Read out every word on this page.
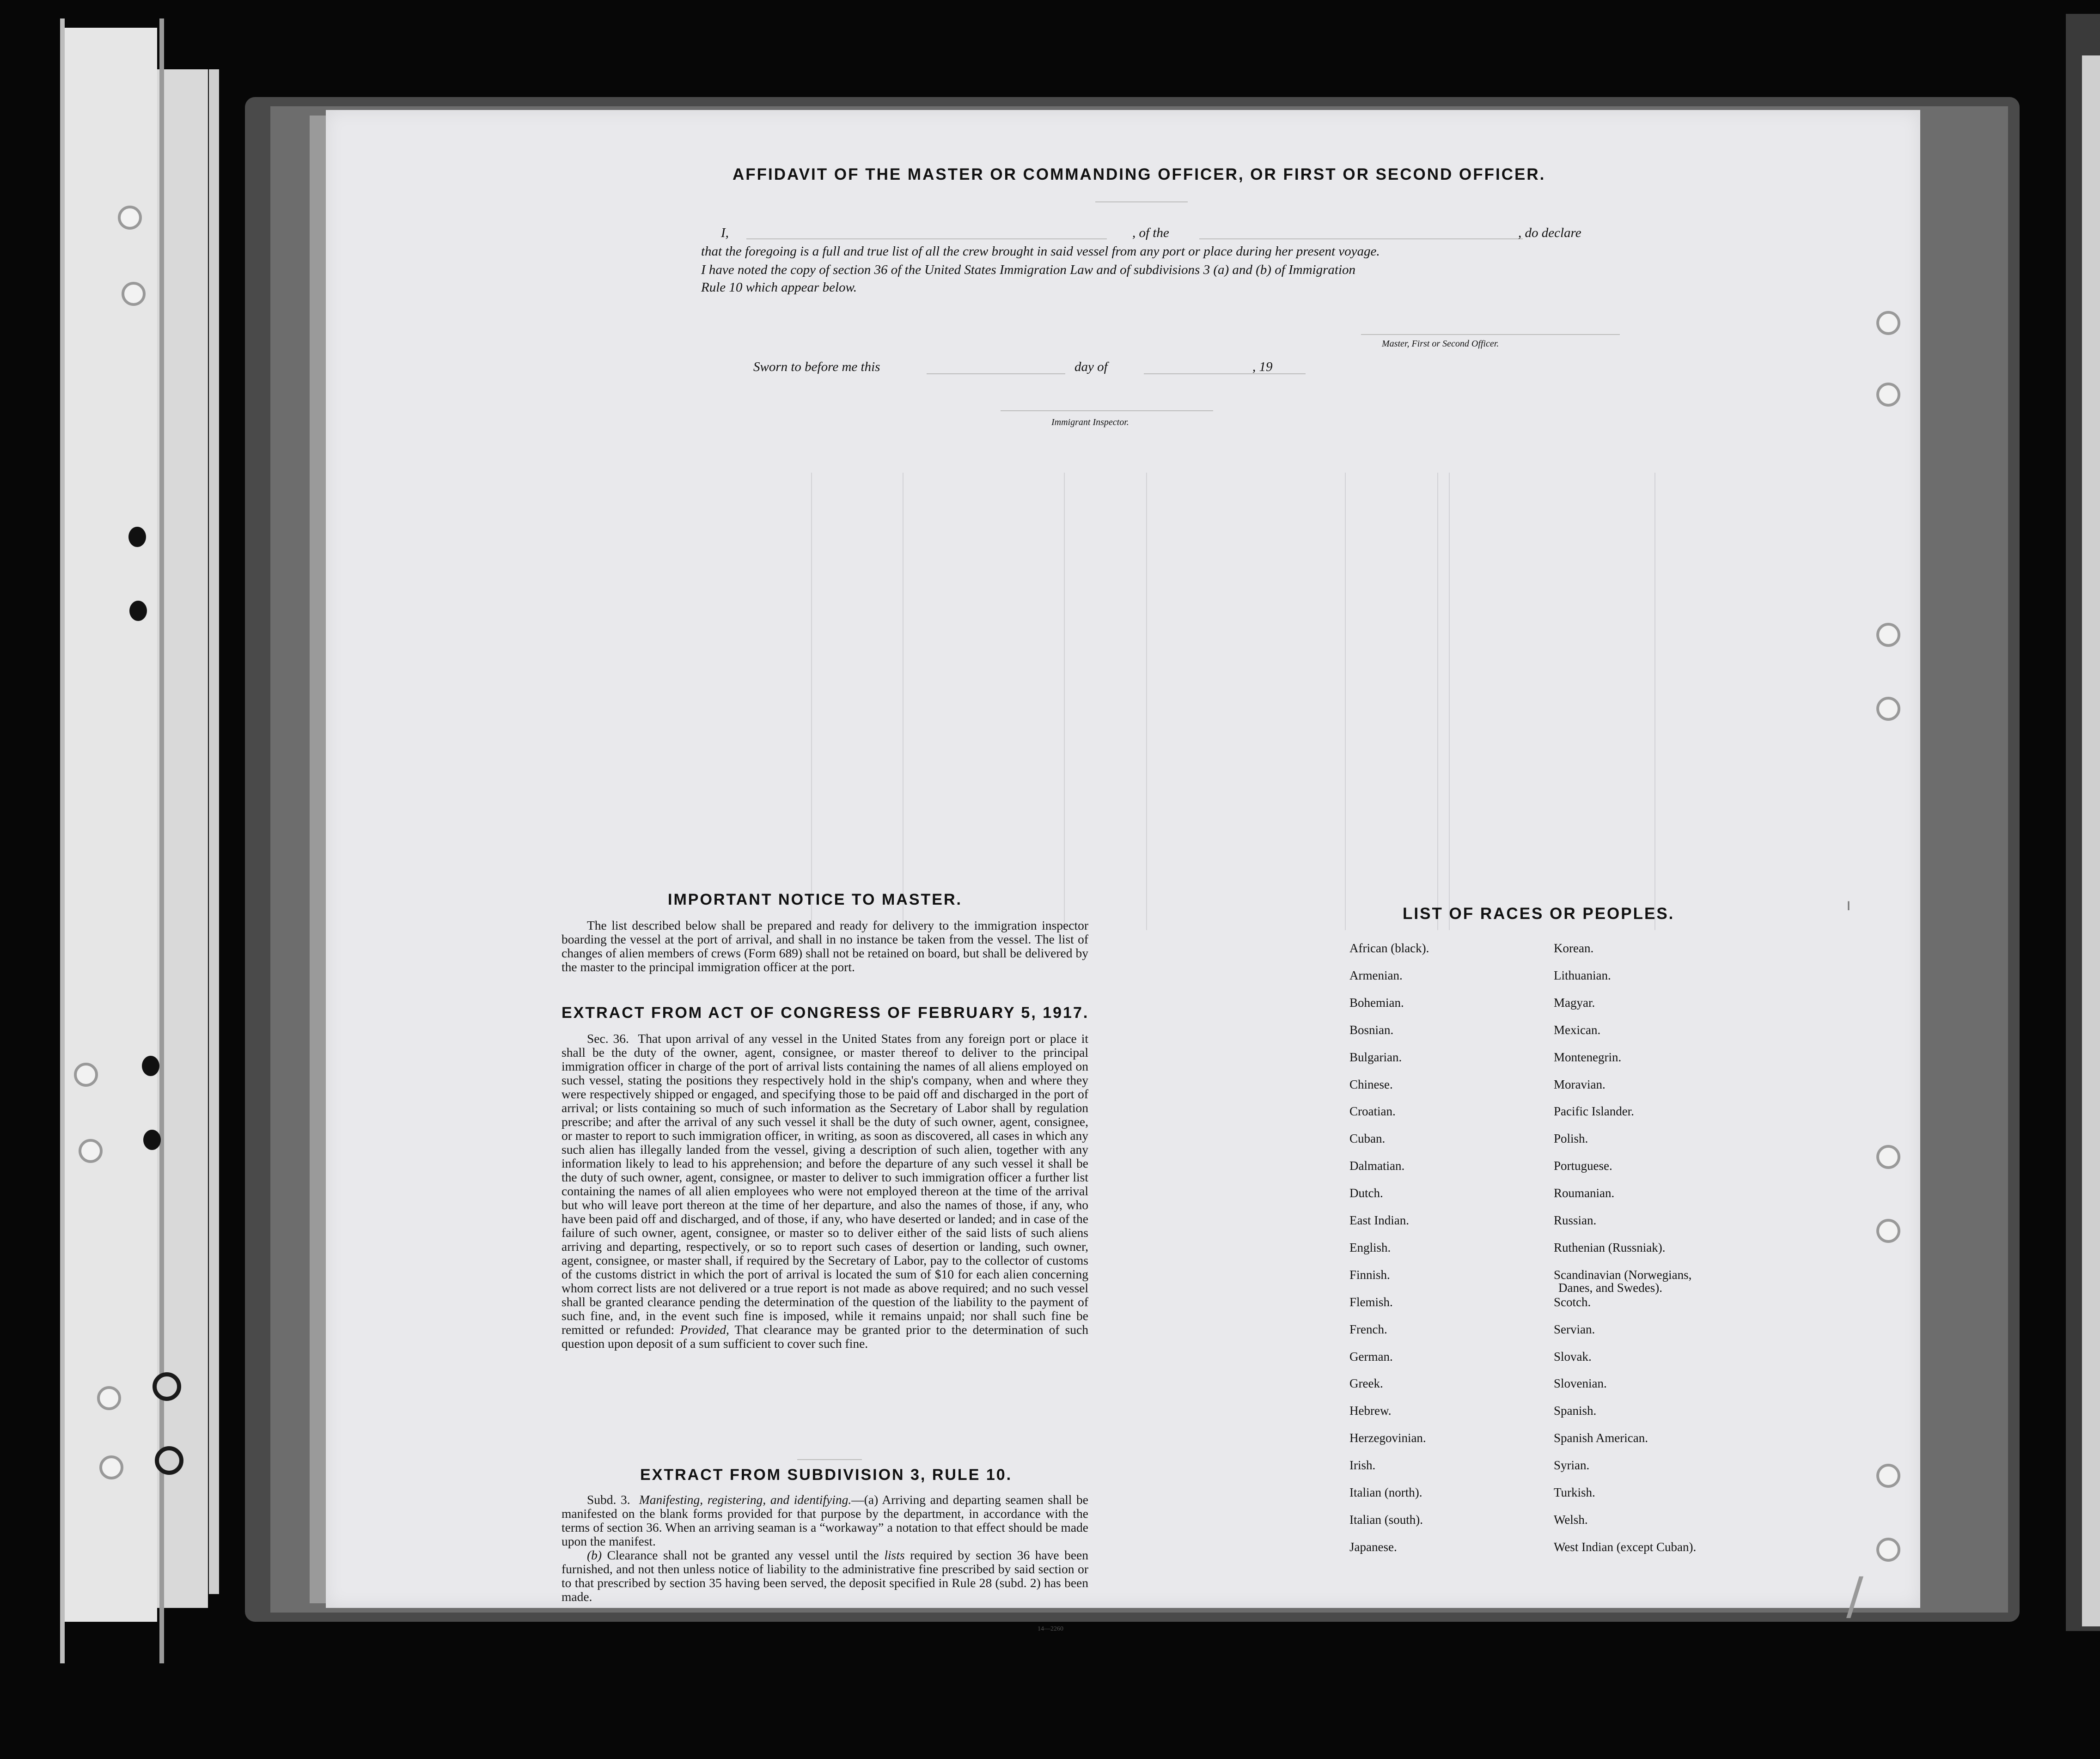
AFFIDAVIT OF THE MASTER OR COMMANDING OFFICER, OR FIRST OR SECOND OFFICER.
I,	, of the	, do declare
that the foregoing is a full and true list of all the crew brought in said vessel from any port or place during her present voyage.
I have noted the copy of section 36 of the United States Immigration Law and of subdivisions 3 (a) and (b) of Immigration
Rule 10 which appear below.
Master, First or Second Officer.
Sworn to before me this	day of	, 19
Immigrant Inspector.
IMPORTANT NOTICE TO MASTER.

The list described below shall be prepared and ready for delivery to the immigration inspector boarding the vessel at the port of arrival, and shall in no instance be taken from the vessel. The list of changes of alien members of crews (Form 689) shall not be retained on board, but shall be delivered by the master to the principal immigration officer at the port.

EXTRACT FROM ACT OF CONGRESS OF FEBRUARY 5, 1917.

Sec. 36. That upon arrival of any vessel in the United States from any foreign port or place it shall be the duty of the owner, agent, consignee, or master thereof to deliver to the principal immigration officer in charge of the port of arrival lists containing the names of all aliens employed on such vessel, stating the positions they respectively hold in the ship's company, when and where they were respectively shipped or engaged, and specifying those to be paid off and discharged in the port of arrival; or lists containing so much of such information as the Secretary of Labor shall by regulation prescribe; and after the arrival of any such vessel it shall be the duty of such owner, agent, consignee, or master to report to such immigration officer, in writing, as soon as discovered, all cases in which any such alien has illegally landed from the vessel, giving a description of such alien, together with any information likely to lead to his apprehension; and before the departure of any such vessel it shall be the duty of such owner, agent, consignee, or master to deliver to such immigration officer a further list containing the names of all alien employees who were not employed thereon at the time of the arrival but who will leave port thereon at the time of her departure, and also the names of those, if any, who have been paid off and discharged, and of those, if any, who have deserted or landed; and in case of the failure of such owner, agent, consignee, or master so to deliver either of the said lists of such aliens arriving and departing, respectively, or so to report such cases of desertion or landing, such owner, agent, consignee, or master shall, if required by the Secretary of Labor, pay to the collector of customs of the customs district in which the port of arrival is located the sum of $10 for each alien concerning whom correct lists are not delivered or a true report is not made as above required; and no such vessel shall be granted clearance pending the determination of the question of the liability to the payment of such fine, and, in the event such fine is imposed, while it remains unpaid; nor shall such fine be remitted or refunded: Provided, That clearance may be granted prior to the determination of such question upon deposit of a sum sufficient to cover such fine.

EXTRACT FROM SUBDIVISION 3, RULE 10.

Subd. 3. Manifesting, registering, and identifying.—(a) Arriving and departing seamen shall be manifested on the blank forms provided for that purpose by the department, in accordance with the terms of section 36. When an arriving seaman is a “workaway” a notation to that effect should be made upon the manifest.

(b) Clearance shall not be granted any vessel until the lists required by section 36 have been furnished, and not then unless notice of liability to the administrative fine prescribed by said section or to that prescribed by section 35 having been served, the deposit specified in Rule 28 (subd. 2) has been made.

14—2260
LIST OF RACES OR PEOPLES.
African (black).
Armenian.
Bohemian.
Bosnian.
Bulgarian.
Chinese.
Croatian.
Cuban.
Dalmatian.
Dutch.
East Indian.
English.
Finnish.
Flemish.
French.
German.
Greek.
Hebrew.
Herzegovinian.
Irish.
Italian (north).
Italian (south).
Japanese.
Korean.
Lithuanian.
Magyar.
Mexican.
Montenegrin.
Moravian.
Pacific Islander.
Polish.
Portuguese.
Roumanian.
Russian.
Ruthenian (Russniak).
Scandinavian (Norwegians,
Scotch.
Servian.
Slovak.
Slovenian.
Spanish.
Spanish American.
Syrian.
Turkish.
Welsh.
West Indian (except Cuban).
Danes, and Swedes).
ı
/
